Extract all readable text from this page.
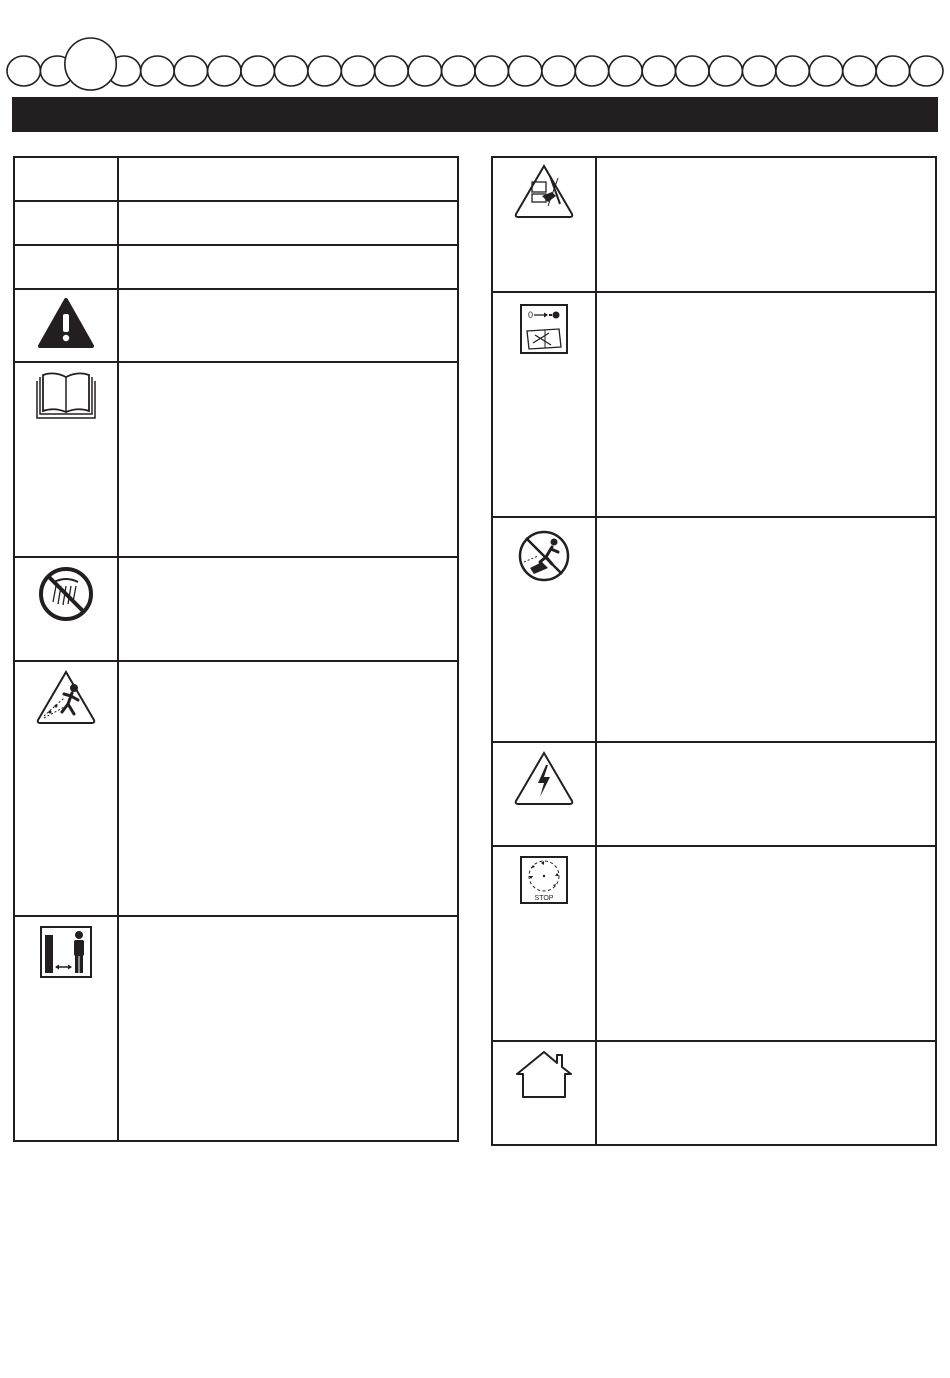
0	

STOP	
